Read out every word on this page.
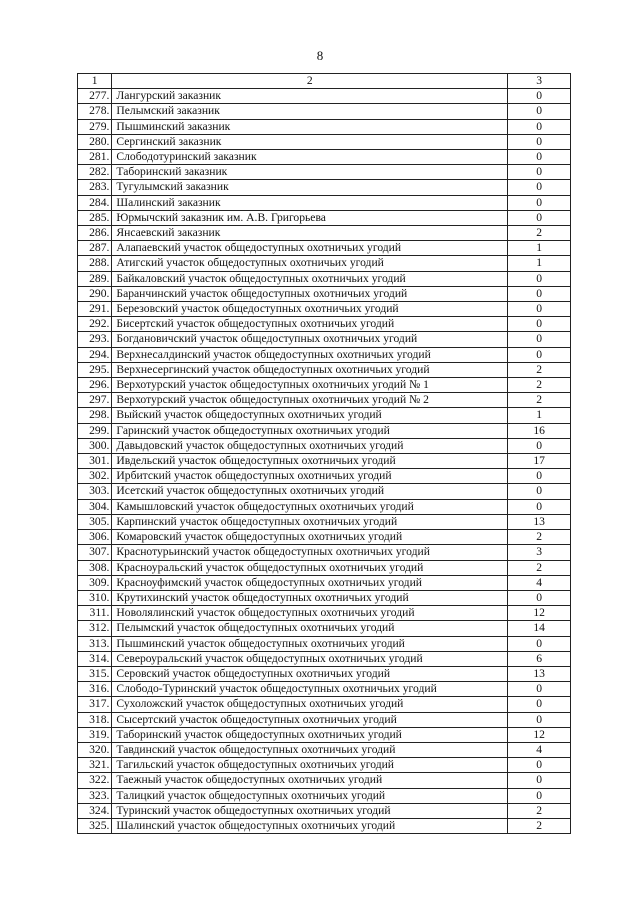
8
1	2	3
277.	Лангурский заказник	0
278.	Пелымский заказник	0
279.	Пышминский заказник	0
280.	Сергинский заказник	0
281.	Слободотуринский заказник	0
282.	Таборинский заказник	0
283.	Тугулымский заказник	0
284.	Шалинский заказник	0
285.	Юрмычский заказник им. А.В. Григорьева	0
286.	Янсаевский заказник	2
287.	Алапаевский участок общедоступных охотничьих угодий	1
288.	Атигский участок общедоступных охотничьих угодий	1
289.	Байкаловский участок общедоступных охотничьих угодий	0
290.	Баранчинский участок общедоступных охотничьих угодий	0
291.	Березовский участок общедоступных охотничьих угодий	0
292.	Бисертский участок общедоступных охотничьих угодий	0
293.	Богдановичский участок общедоступных охотничьих угодий	0
294.	Верхнесалдинский участок общедоступных охотничьих угодий	0
295.	Верхнесергинский участок общедоступных охотничьих угодий	2
296.	Верхотурский участок общедоступных охотничьих угодий № 1	2
297.	Верхотурский участок общедоступных охотничьих угодий № 2	2
298.	Выйский участок общедоступных охотничьих угодий	1
299.	Гаринский участок общедоступных охотничьих угодий	16
300.	Давыдовский участок общедоступных охотничьих угодий	0
301.	Ивдельский участок общедоступных охотничьих угодий	17
302.	Ирбитский участок общедоступных охотничьих угодий	0
303.	Исетский участок общедоступных охотничьих угодий	0
304.	Камышловский участок общедоступных охотничьих угодий	0
305.	Карпинский участок общедоступных охотничьих угодий	13
306.	Комаровский участок общедоступных охотничьих угодий	2
307.	Краснотурьинский участок общедоступных охотничьих угодий	3
308.	Красноуральский участок общедоступных охотничьих угодий	2
309.	Красноуфимский участок общедоступных охотничьих угодий	4
310.	Крутихинский участок общедоступных охотничьих угодий	0
311.	Новолялинский участок общедоступных охотничьих угодий	12
312.	Пелымский участок общедоступных охотничьих угодий	14
313.	Пышминский участок общедоступных охотничьих угодий	0
314.	Североуральский участок общедоступных охотничьих угодий	6
315.	Серовский участок общедоступных охотничьих угодий	13
316.	Слободо-Туринский участок общедоступных охотничьих угодий	0
317.	Сухоложский участок общедоступных охотничьих угодий	0
318.	Сысертский участок общедоступных охотничьих угодий	0
319.	Таборинский участок общедоступных охотничьих угодий	12
320.	Тавдинский участок общедоступных охотничьих угодий	4
321.	Тагильский участок общедоступных охотничьих угодий	0
322.	Таежный участок общедоступных охотничьих угодий	0
323.	Талицкий участок общедоступных охотничьих угодий	0
324.	Туринский участок общедоступных охотничьих угодий	2
325.	Шалинский участок общедоступных охотничьих угодий	2
